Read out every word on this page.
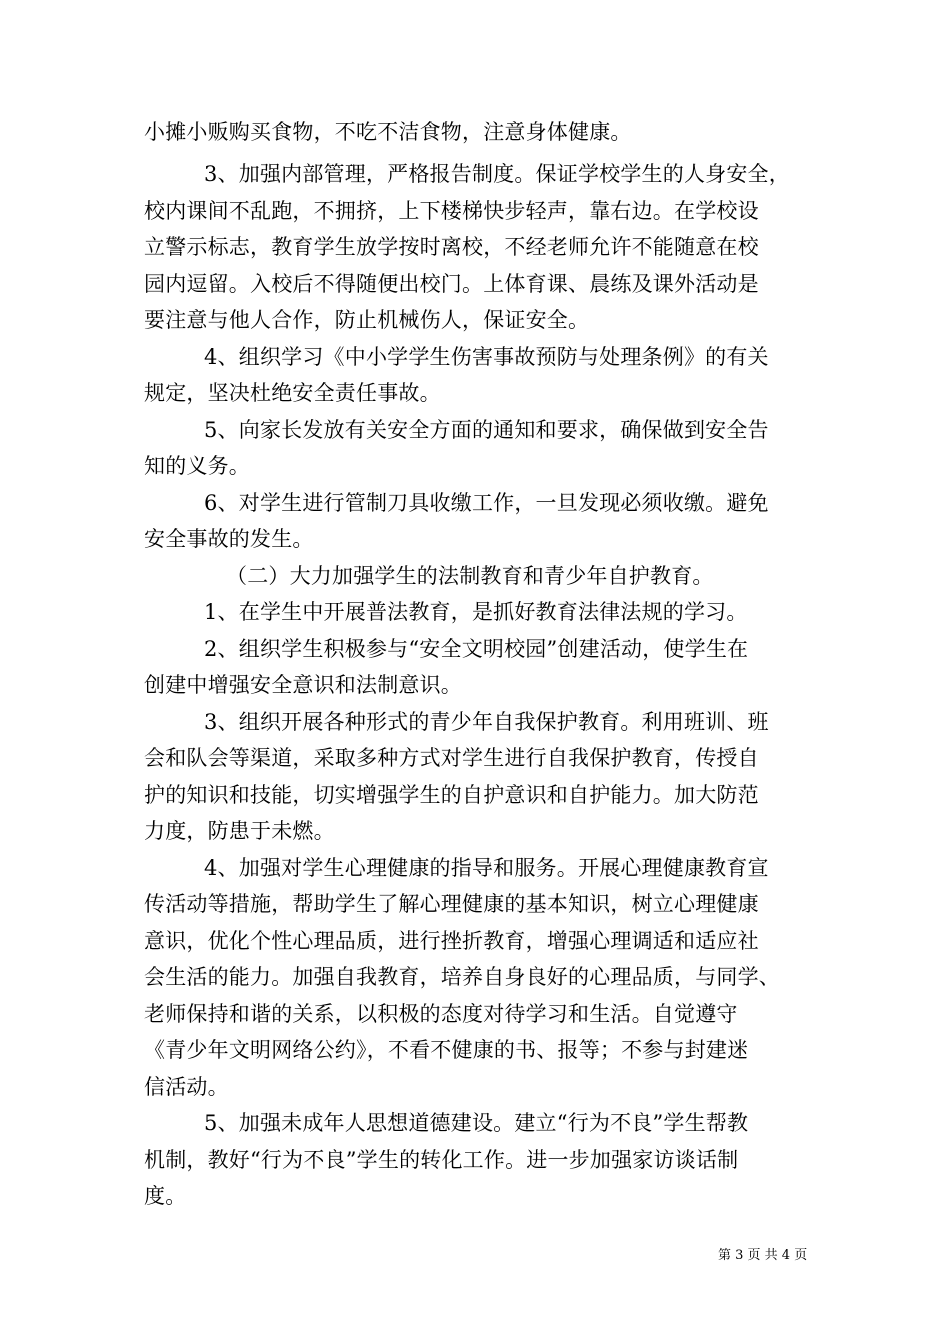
小摊小贩购买食物，不吃不洁食物，注意身体健康。
3、加强内部管理，严格报告制度。保证学校学生的人身安全，
校内课间不乱跑，不拥挤，上下楼梯快步轻声，靠右边。在学校设
立警示标志，教育学生放学按时离校，不经老师允许不能随意在校
园内逗留。入校后不得随便出校门。上体育课、晨练及课外活动是
要注意与他人合作，防止机械伤人，保证安全。
4、组织学习《中小学学生伤害事故预防与处理条例》的有关
规定，坚决杜绝安全责任事故。
5、向家长发放有关安全方面的通知和要求，确保做到安全告
知的义务。
6、对学生进行管制刀具收缴工作，一旦发现必须收缴。避免
安全事故的发生。
（二）大力加强学生的法制教育和青少年自护教育。
1、在学生中开展普法教育，是抓好教育法律法规的学习。
2、组织学生积极参与“安全文明校园”创建活动，使学生在
创建中增强安全意识和法制意识。
3、组织开展各种形式的青少年自我保护教育。利用班训、班
会和队会等渠道，采取多种方式对学生进行自我保护教育，传授自
护的知识和技能，切实增强学生的自护意识和自护能力。加大防范
力度，防患于未燃。
4、加强对学生心理健康的指导和服务。开展心理健康教育宣
传活动等措施，帮助学生了解心理健康的基本知识，树立心理健康
意识，优化个性心理品质，进行挫折教育，增强心理调适和适应社
会生活的能力。加强自我教育，培养自身良好的心理品质，与同学、
老师保持和谐的关系，以积极的态度对待学习和生活。自觉遵守
《青少年文明网络公约》，不看不健康的书、报等；不参与封建迷
信活动。
5、加强未成年人思想道德建设。建立“行为不良”学生帮教
机制，教好“行为不良”学生的转化工作。进一步加强家访谈话制
度。
第 3 页 共 4 页
